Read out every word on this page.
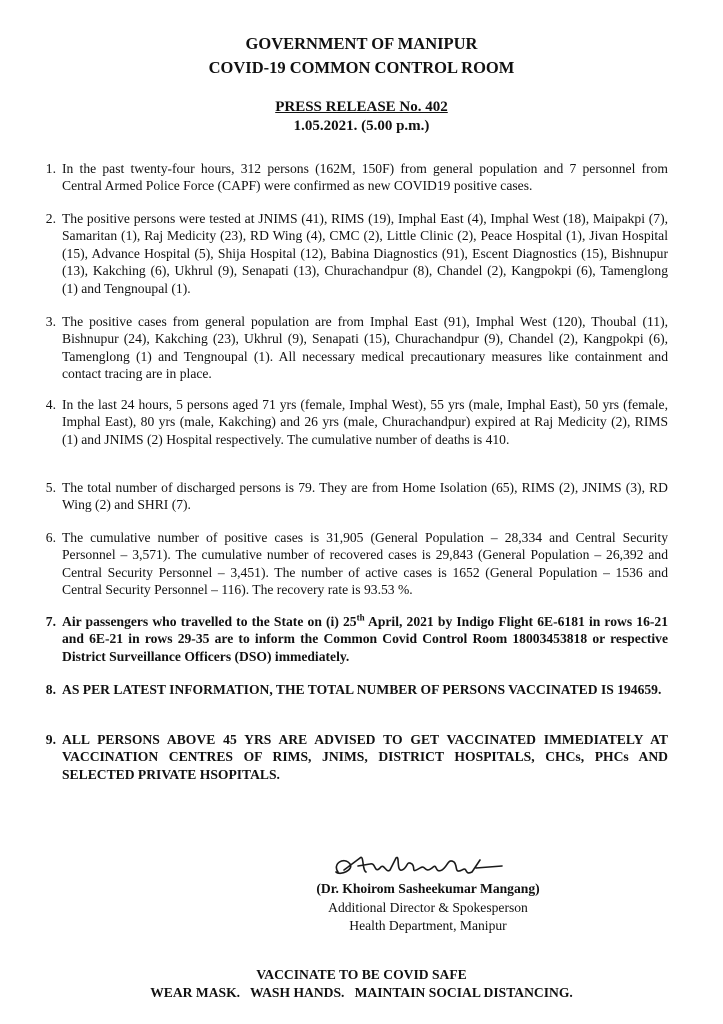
GOVERNMENT OF MANIPUR
COVID-19 COMMON CONTROL ROOM
PRESS RELEASE No. 402
1.05.2021. (5.00 p.m.)
1. In the past twenty-four hours, 312 persons (162M, 150F) from general population and 7 personnel from Central Armed Police Force (CAPF) were confirmed as new COVID19 positive cases.
2. The positive persons were tested at JNIMS (41), RIMS (19), Imphal East (4), Imphal West (18), Maipakpi (7), Samaritan (1), Raj Medicity (23), RD Wing (4), CMC (2), Little Clinic (2), Peace Hospital (1), Jivan Hospital (15), Advance Hospital (5), Shija Hospital (12), Babina Diagnostics (91), Escent Diagnostics (15), Bishnupur (13), Kakching (6), Ukhrul (9), Senapati (13), Churachandpur (8), Chandel (2), Kangpokpi (6), Tamenglong (1) and Tengnoupal (1).
3. The positive cases from general population are from Imphal East (91), Imphal West (120), Thoubal (11), Bishnupur (24), Kakching (23), Ukhrul (9), Senapati (15), Churachandpur (9), Chandel (2), Kangpokpi (6), Tamenglong (1) and Tengnoupal (1). All necessary medical precautionary measures like containment and contact tracing are in place.
4. In the last 24 hours, 5 persons aged 71 yrs (female, Imphal West), 55 yrs (male, Imphal East), 50 yrs (female, Imphal East), 80 yrs (male, Kakching) and 26 yrs (male, Churachandpur) expired at Raj Medicity (2), RIMS (1) and JNIMS (2) Hospital respectively. The cumulative number of deaths is 410.
5. The total number of discharged persons is 79. They are from Home Isolation (65), RIMS (2), JNIMS (3), RD Wing (2) and SHRI (7).
6. The cumulative number of positive cases is 31,905 (General Population – 28,334 and Central Security Personnel – 3,571). The cumulative number of recovered cases is 29,843 (General Population – 26,392 and Central Security Personnel – 3,451). The number of active cases is 1652 (General Population – 1536 and Central Security Personnel – 116). The recovery rate is 93.53 %.
7. Air passengers who travelled to the State on (i) 25th April, 2021 by Indigo Flight 6E-6181 in rows 16-21 and 6E-21 in rows 29-35 are to inform the Common Covid Control Room 18003453818 or respective District Surveillance Officers (DSO) immediately.
8. AS PER LATEST INFORMATION, THE TOTAL NUMBER OF PERSONS VACCINATED IS 194659.
9. ALL PERSONS ABOVE 45 YRS ARE ADVISED TO GET VACCINATED IMMEDIATELY AT VACCINATION CENTRES OF RIMS, JNIMS, DISTRICT HOSPITALS, CHCs, PHCs AND SELECTED PRIVATE HSOPITALS.
(Dr. Khoirom Sasheekumar Mangang)
Additional Director & Spokesperson
Health Department, Manipur
VACCINATE TO BE COVID SAFE
WEAR MASK.   WASH HANDS.   MAINTAIN SOCIAL DISTANCING.
